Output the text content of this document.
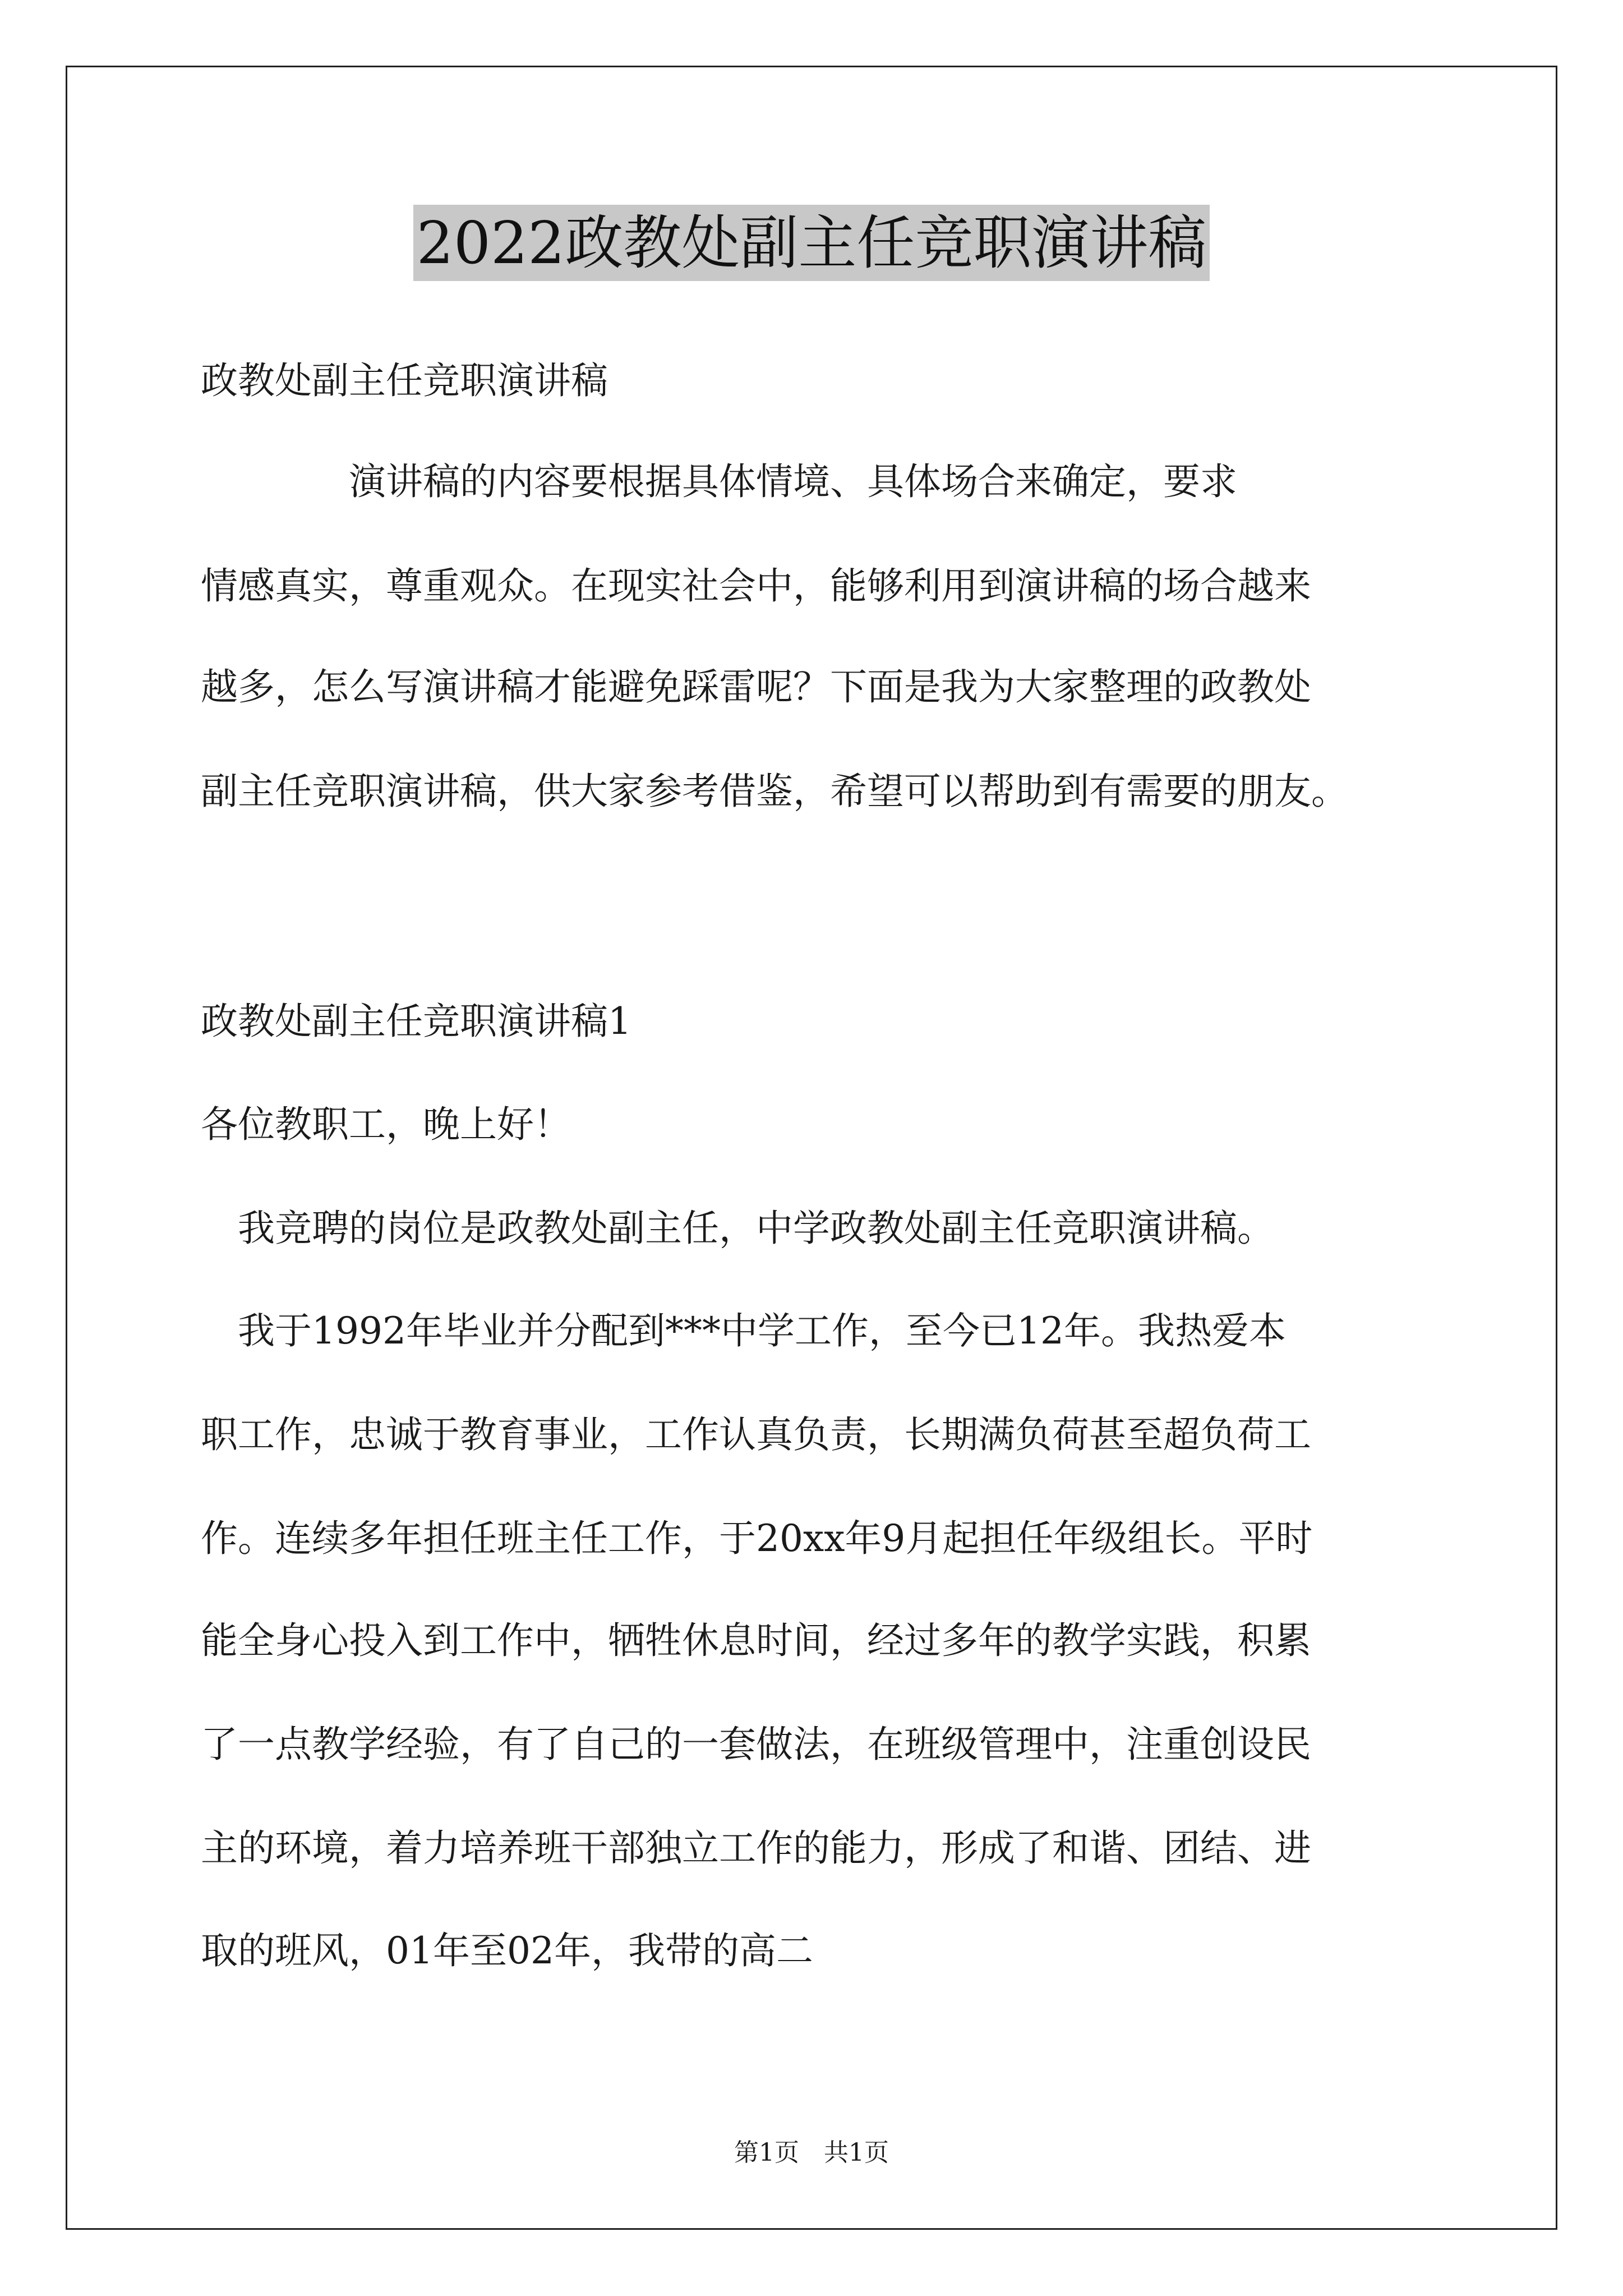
2022政教处副主任竞职演讲稿
政教处副主任竞职演讲稿
　　　　演讲稿的内容要根据具体情境、具体场合来确定，要求
情感真实，尊重观众。在现实社会中，能够利用到演讲稿的场合越来
越多，怎么写演讲稿才能避免踩雷呢？下面是我为大家整理的政教处
副主任竞职演讲稿，供大家参考借鉴，希望可以帮助到有需要的朋友。
政教处副主任竞职演讲稿1
各位教职工，晚上好！
　我竞聘的岗位是政教处副主任，中学政教处副主任竞职演讲稿。
　我于1992年毕业并分配到***中学工作，至今已12年。我热爱本
职工作，忠诚于教育事业，工作认真负责，长期满负荷甚至超负荷工
作。连续多年担任班主任工作，于20xx年9月起担任年级组长。平时
能全身心投入到工作中，牺牲休息时间，经过多年的教学实践，积累
了一点教学经验，有了自己的一套做法，在班级管理中，注重创设民
主的环境，着力培养班干部独立工作的能力，形成了和谐、团结、进
取的班风，01年至02年，我带的高二
第1页　共1页
